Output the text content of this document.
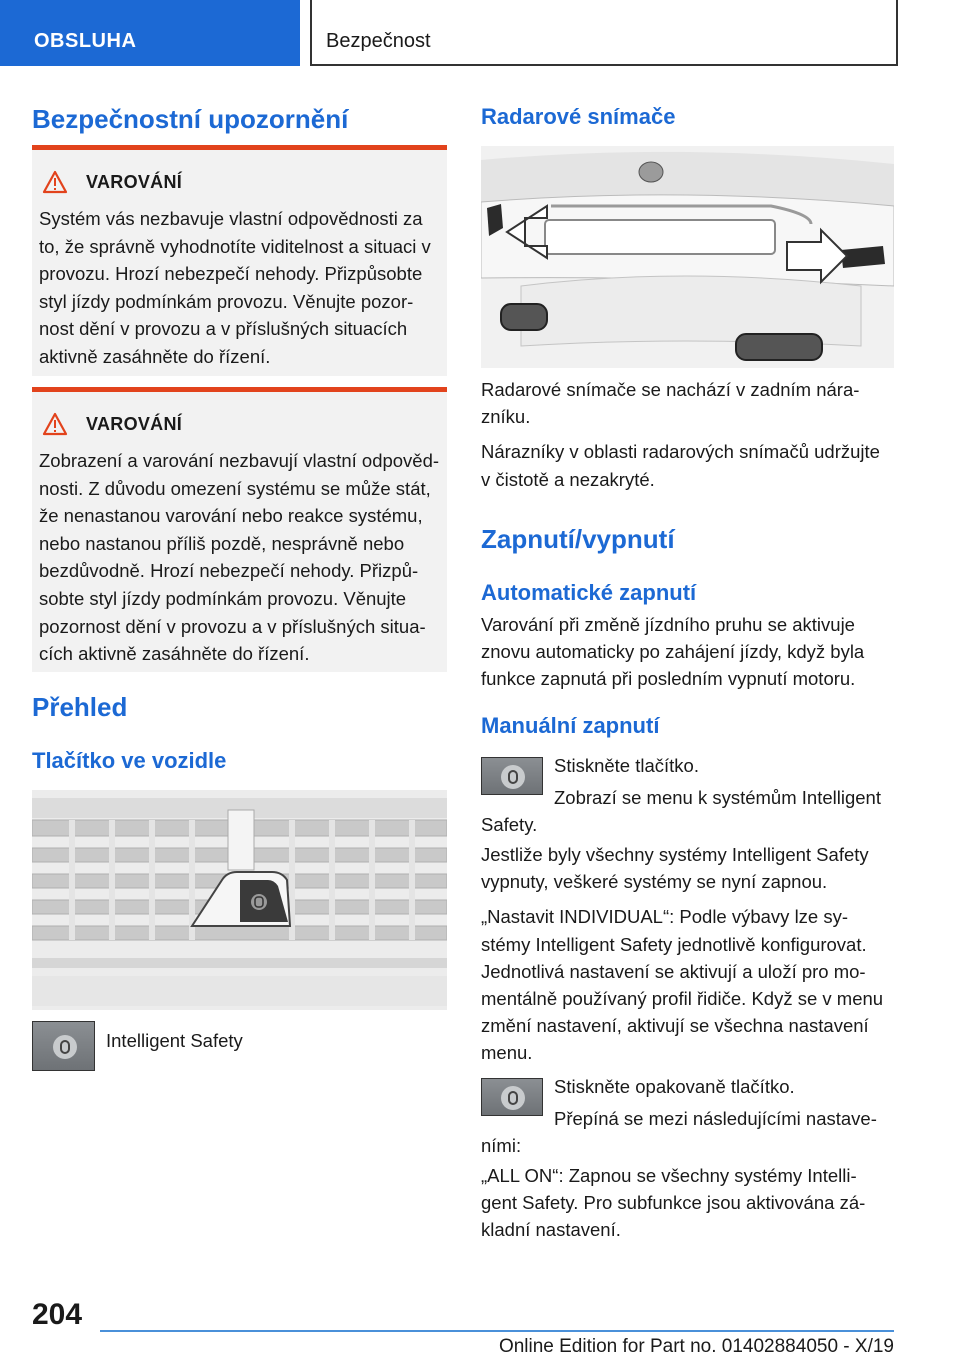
OBSLUHA	Bezpečnost
Bezpečnostní upozornění
VAROVÁNÍ
Systém vás nezbavuje vlastní odpovědnosti za
to, že správně vyhodnotíte viditelnost a situaci v
provozu. Hrozí nebezpečí nehody. Přizpůsobte
styl jízdy podmínkám provozu. Věnujte pozor-
nost dění v provozu a v příslušných situacích
aktivně zasáhněte do řízení.
VAROVÁNÍ
Zobrazení a varování nezbavují vlastní odpověd-
nosti. Z důvodu omezení systému se může stát,
že nenastanou varování nebo reakce systému,
nebo nastanou příliš pozdě, nesprávně nebo
bezdůvodně. Hrozí nebezpečí nehody. Přizpů-
sobte styl jízdy podmínkám provozu. Věnujte
pozornost dění v provozu a v příslušných situa-
cích aktivně zasáhněte do řízení.
Přehled
Tlačítko ve vozidle
Intelligent Safety
Radarové snímače
Radarové snímače se nachází v zadním nára-
zníku.
Nárazníky v oblasti radarových snímačů udržujte
v čistotě a nezakryté.
Zapnutí/vypnutí
Automatické zapnutí
Varování při změně jízdního pruhu se aktivuje
znovu automaticky po zahájení jízdy, když byla
funkce zapnutá při posledním vypnutí motoru.
Manuální zapnutí
Stiskněte tlačítko.
Zobrazí se menu k systémům Intelligent
Safety.
Jestliže byly všechny systémy Intelligent Safety
vypnuty, veškeré systémy se nyní zapnou.
„Nastavit INDIVIDUAL“: Podle výbavy lze sy-
stémy Intelligent Safety jednotlivě konfigurovat.
Jednotlivá nastavení se aktivují a uloží pro mo-
mentálně používaný profil řidiče. Když se v menu
změní nastavení, aktivují se všechna nastavení
menu.
Stiskněte opakovaně tlačítko.
Přepíná se mezi následujícími nastave-
ními:
„ALL ON“: Zapnou se všechny systémy Intelli-
gent Safety. Pro subfunkce jsou aktivována zá-
kladní nastavení.
204
Online Edition for Part no. 01402884050 - X/19
